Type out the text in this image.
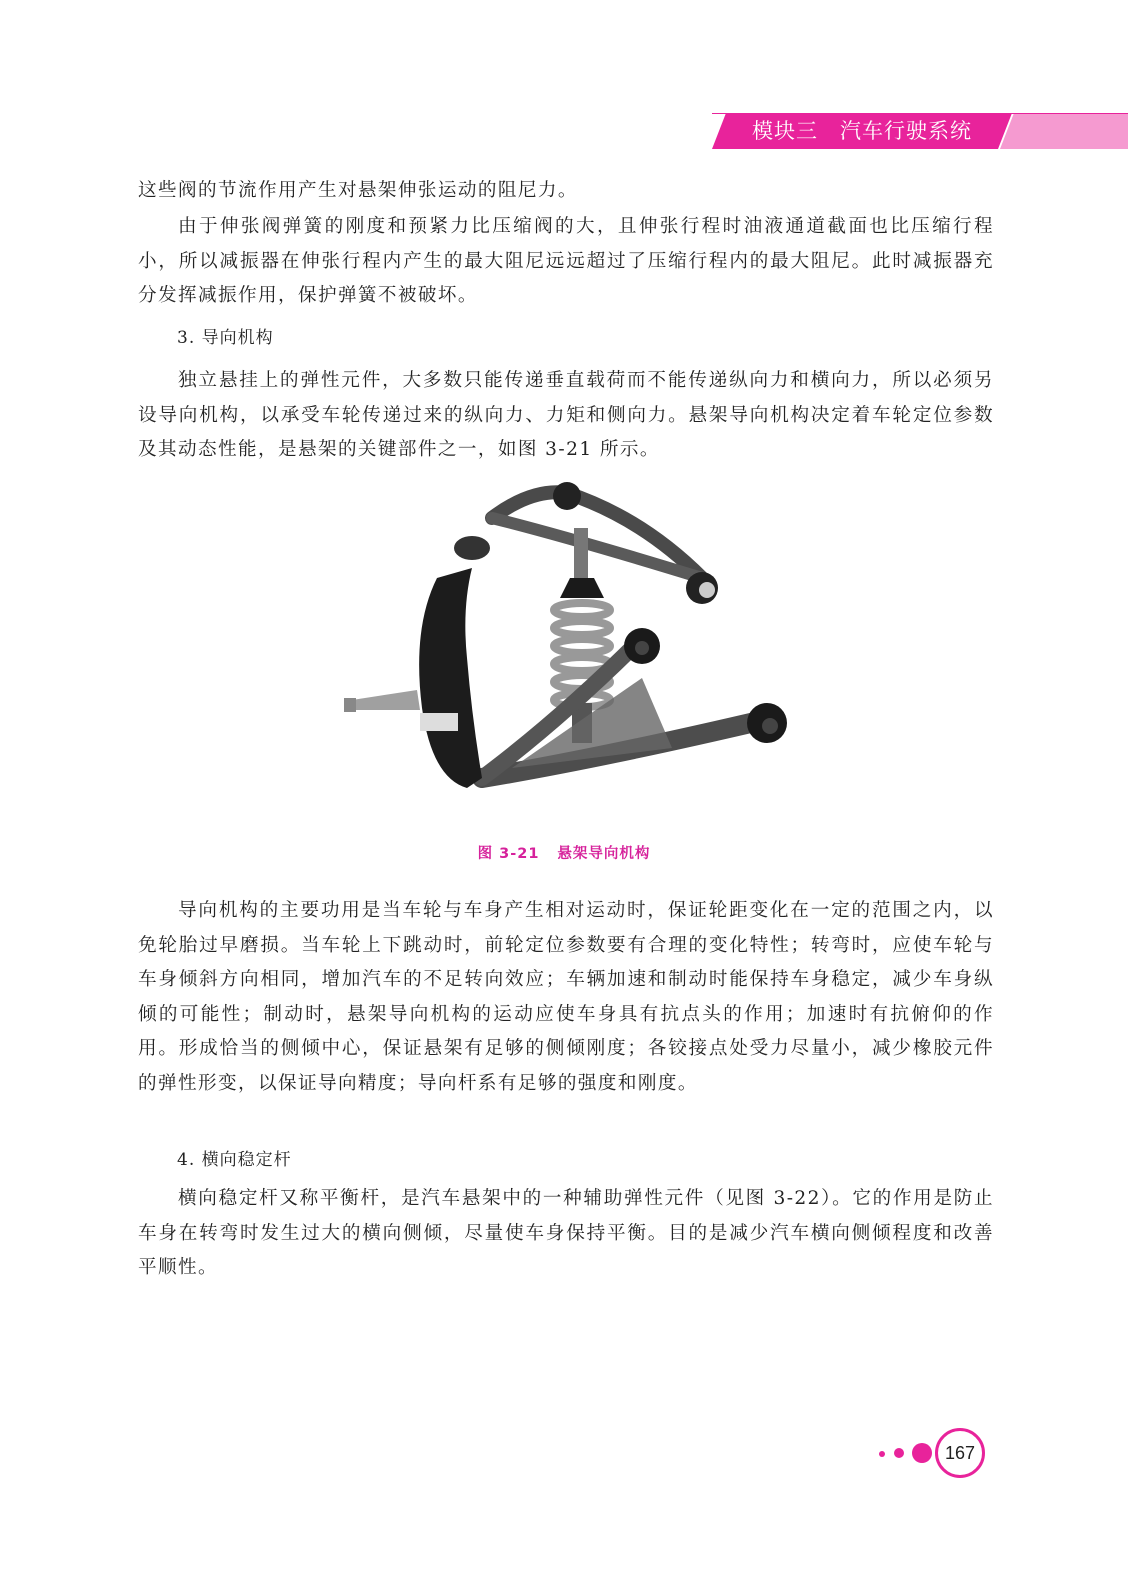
模块三 汽车行驶系统

这些阀的节流作用产生对悬架伸张运动的阻尼力。

由于伸张阀弹簧的刚度和预紧力比压缩阀的大，且伸张行程时油液通道截面也比压缩行程小，所以减振器在伸张行程内产生的最大阻尼远远超过了压缩行程内的最大阻尼。此时减振器充分发挥减振作用，保护弹簧不被破坏。

3. 导向机构

独立悬挂上的弹性元件，大多数只能传递垂直载荷而不能传递纵向力和横向力，所以必须另设导向机构，以承受车轮传递过来的纵向力、力矩和侧向力。悬架导向机构决定着车轮定位参数及其动态性能，是悬架的关键部件之一，如图 3-21 所示。

图 3-21 悬架导向机构

导向机构的主要功用是当车轮与车身产生相对运动时，保证轮距变化在一定的范围之内，以免轮胎过早磨损。当车轮上下跳动时，前轮定位参数要有合理的变化特性；转弯时，应使车轮与车身倾斜方向相同，增加汽车的不足转向效应；车辆加速和制动时能保持车身稳定，减少车身纵倾的可能性；制动时，悬架导向机构的运动应使车身具有抗点头的作用；加速时有抗俯仰的作用。形成恰当的侧倾中心，保证悬架有足够的侧倾刚度；各铰接点处受力尽量小，减少橡胶元件的弹性形变，以保证导向精度；导向杆系有足够的强度和刚度。

4. 横向稳定杆

横向稳定杆又称平衡杆，是汽车悬架中的一种辅助弹性元件（见图 3-22）。它的作用是防止车身在转弯时发生过大的横向侧倾，尽量使车身保持平衡。目的是减少汽车横向侧倾程度和改善平顺性。

167
